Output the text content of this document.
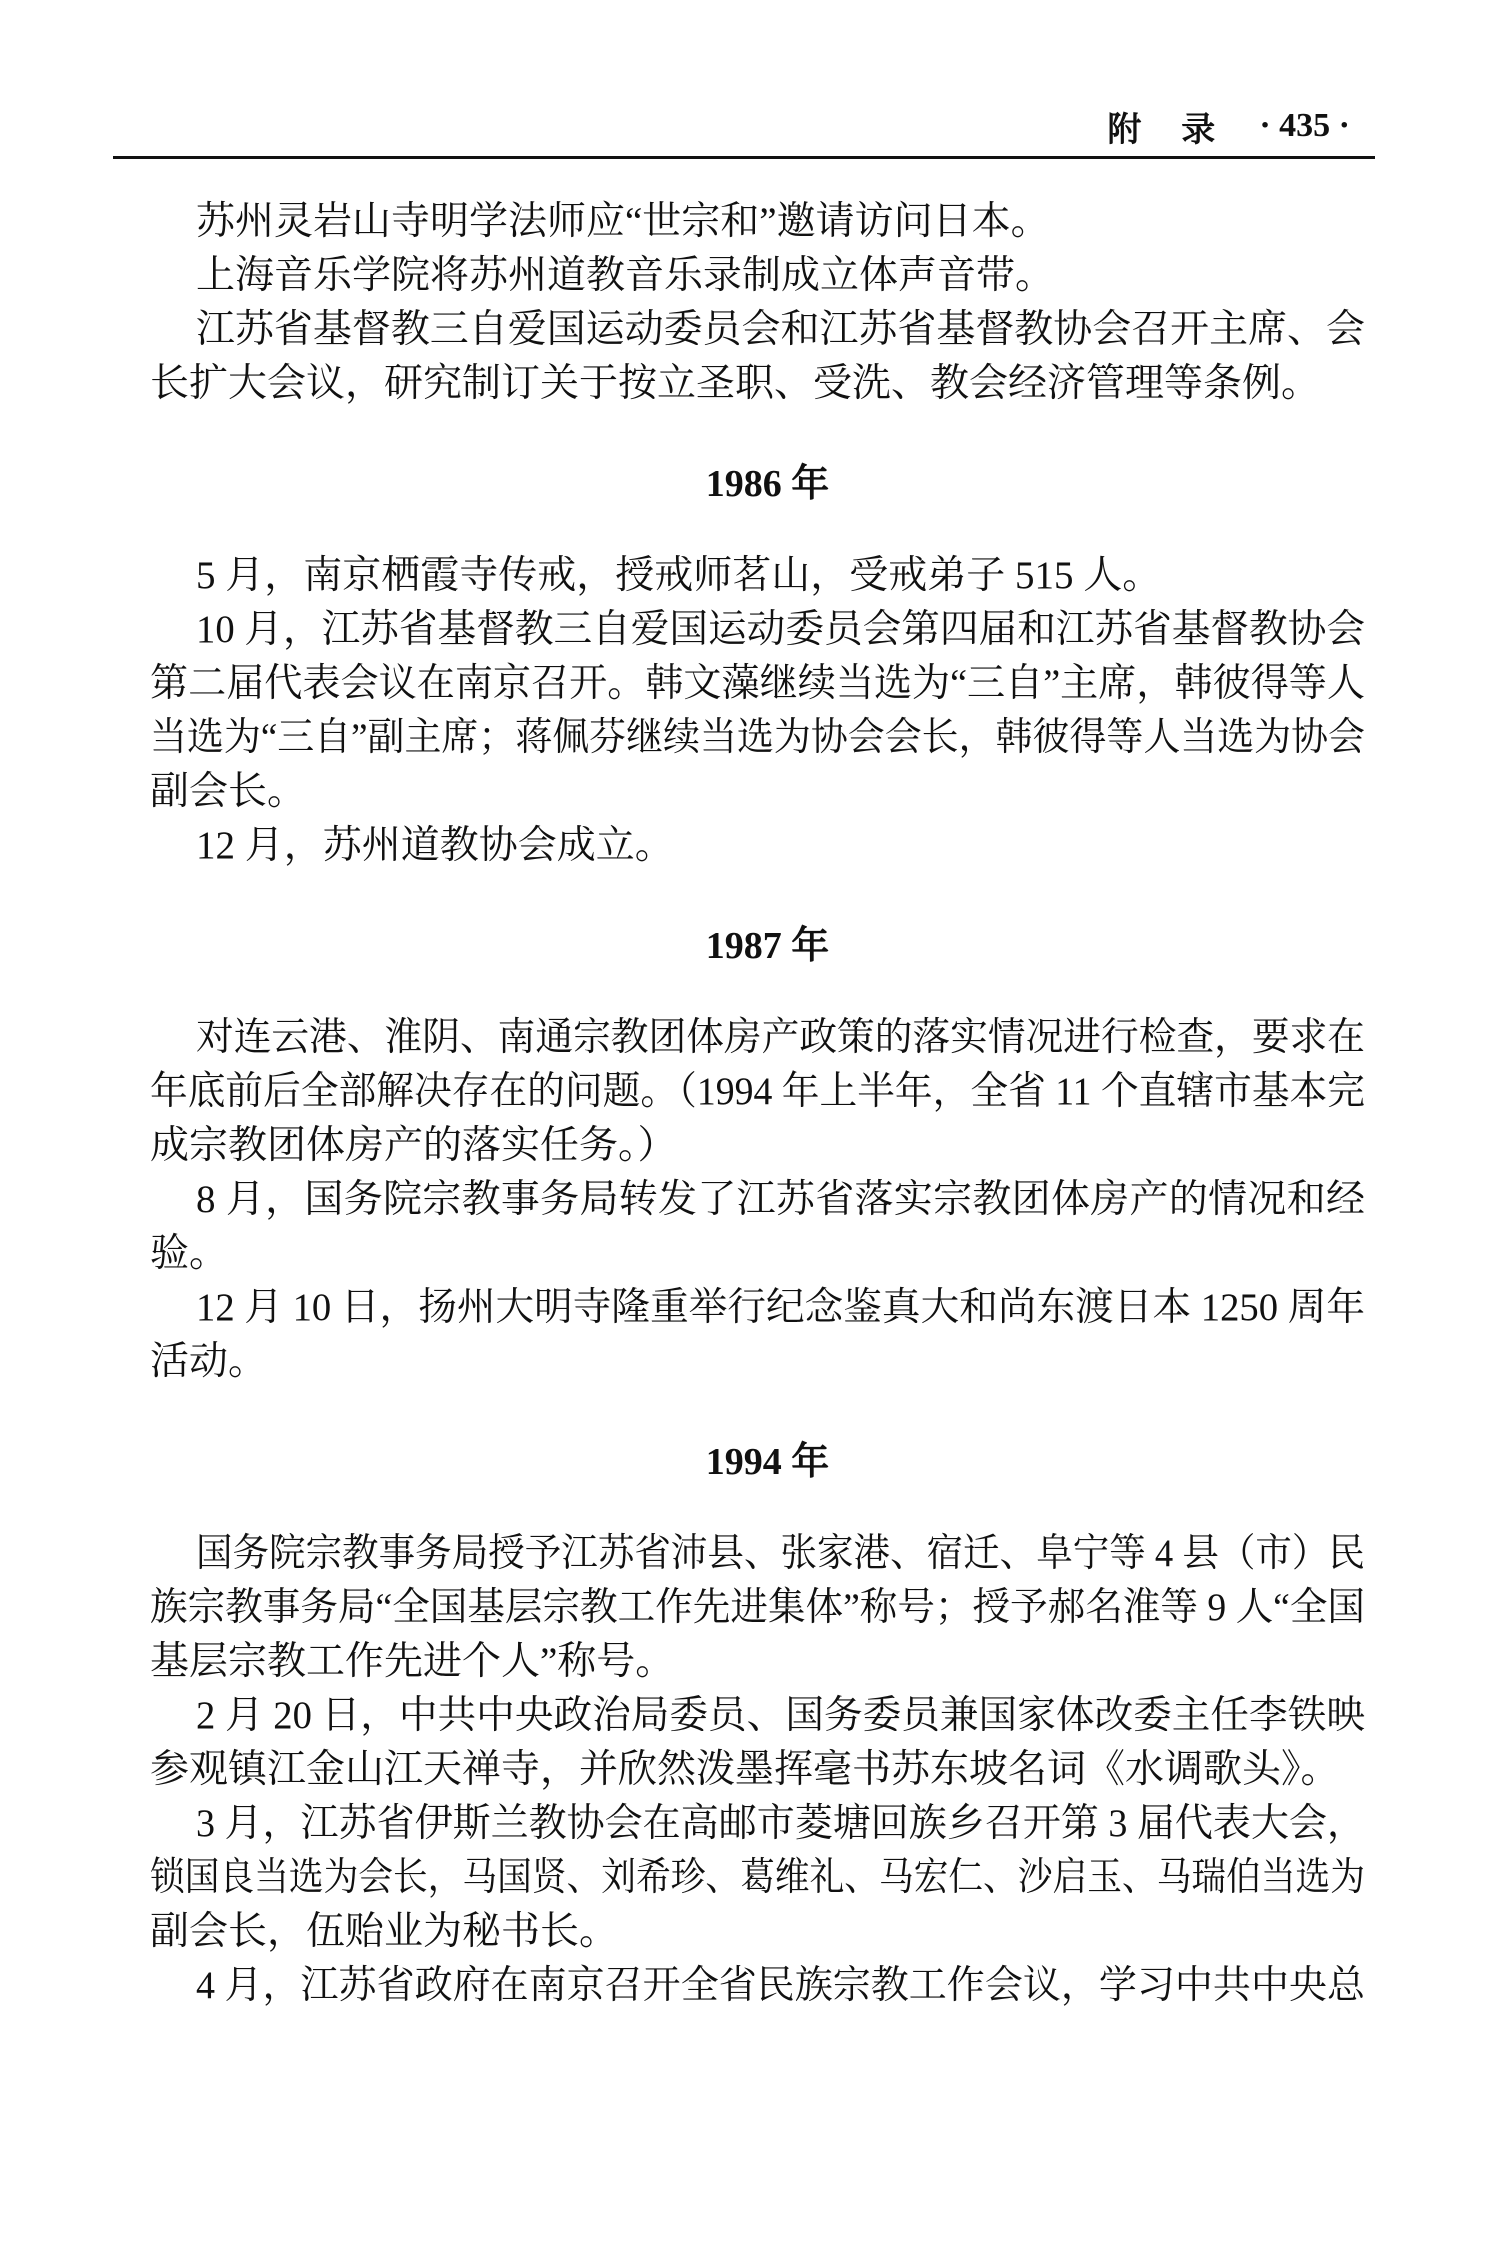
附录 · 435 ·
苏州灵岩山寺明学法师应“世宗和”邀请访问日本。
上海音乐学院将苏州道教音乐录制成立体声音带。
江苏省基督教三自爱国运动委员会和江苏省基督教协会召开主席、会
长扩大会议，研究制订关于按立圣职、受洗、教会经济管理等条例。
1986 年
5 月，南京栖霞寺传戒，授戒师茗山，受戒弟子 515 人。
10 月，江苏省基督教三自爱国运动委员会第四届和江苏省基督教协会
第二届代表会议在南京召开。韩文藻继续当选为“三自”主席，韩彼得等人
当选为“三自”副主席；蒋佩芬继续当选为协会会长，韩彼得等人当选为协会
副会长。
12 月，苏州道教协会成立。
1987 年
对连云港、淮阴、南通宗教团体房产政策的落实情况进行检查，要求在
年底前后全部解决存在的问题。（1994 年上半年，全省 11 个直辖市基本完
成宗教团体房产的落实任务。）
8 月，国务院宗教事务局转发了江苏省落实宗教团体房产的情况和经
验。
12 月 10 日，扬州大明寺隆重举行纪念鉴真大和尚东渡日本 1250 周年
活动。
1994 年
国务院宗教事务局授予江苏省沛县、张家港、宿迁、阜宁等 4 县（市）民
族宗教事务局“全国基层宗教工作先进集体”称号；授予郝名淮等 9 人“全国
基层宗教工作先进个人”称号。
2 月 20 日，中共中央政治局委员、国务委员兼国家体改委主任李铁映
参观镇江金山江天禅寺，并欣然泼墨挥毫书苏东坡名词《水调歌头》。
3 月，江苏省伊斯兰教协会在高邮市菱塘回族乡召开第 3 届代表大会，
锁国良当选为会长，马国贤、刘希珍、葛维礼、马宏仁、沙启玉、马瑞伯当选为
副会长，伍贻业为秘书长。
4 月，江苏省政府在南京召开全省民族宗教工作会议，学习中共中央总
